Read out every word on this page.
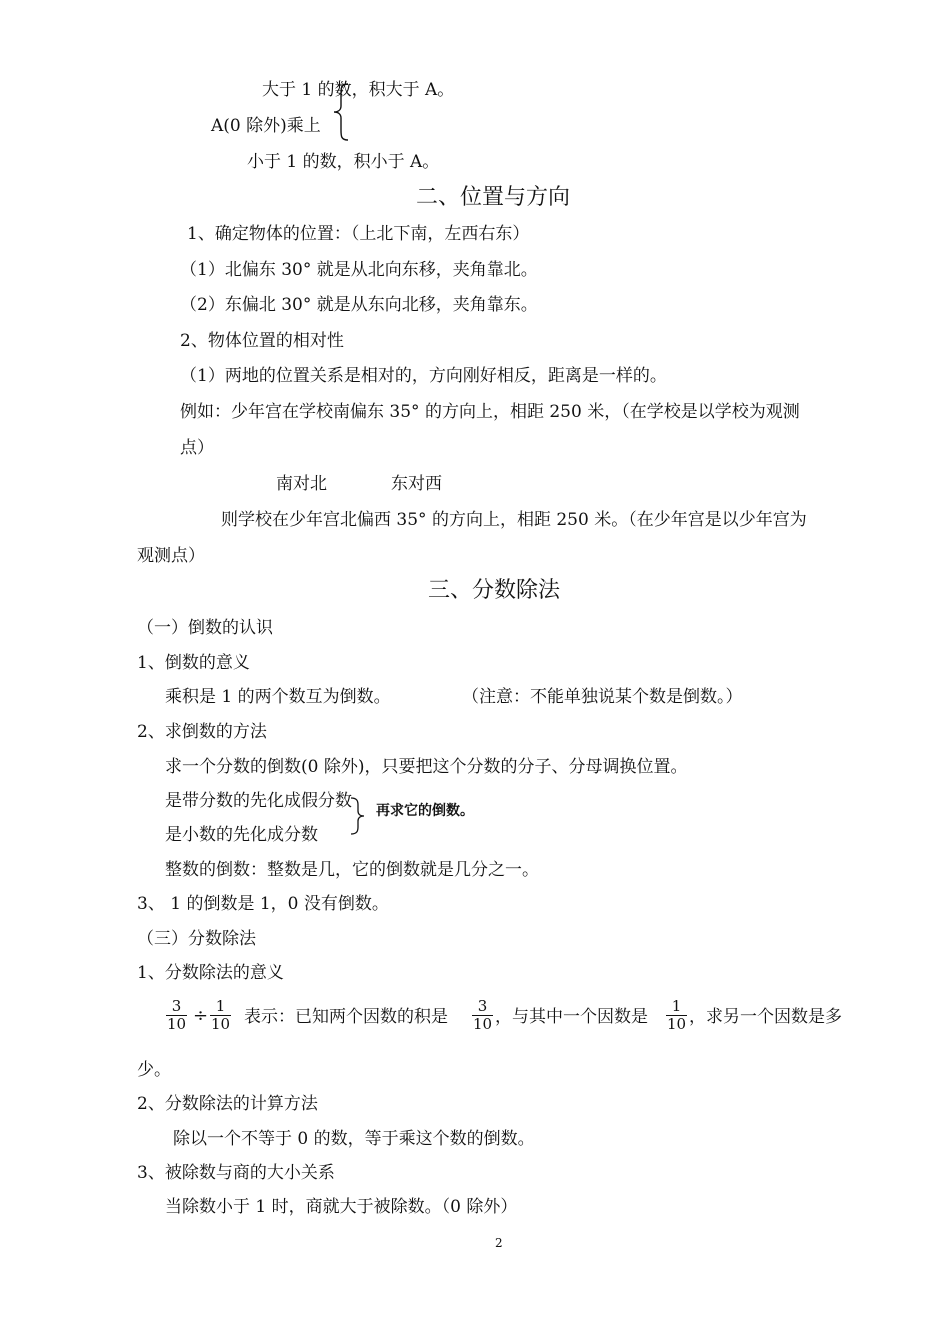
大于 1 的数，积大于 A。
A(0 除外)乘上
小于 1 的数，积小于 A。
二、位置与方向
1、确定物体的位置：（上北下南，左西右东）
（1）北偏东 30° 就是从北向东移，夹角靠北。
（2）东偏北 30° 就是从东向北移，夹角靠东。
2、物体位置的相对性
（1）两地的位置关系是相对的，方向刚好相反，距离是一样的。
例如：少年宫在学校南偏东 35° 的方向上，相距 250 米，（在学校是以学校为观测
点）
南对北	东对西
则学校在少年宫北偏西 35° 的方向上，相距 250 米。（在少年宫是以少年宫为
观测点）
三、分数除法
（一）倒数的认识
1、倒数的意义
乘积是 1 的两个数互为倒数。	（注意：不能单独说某个数是倒数。）
2、求倒数的方法
求一个分数的倒数(0 除外)，只要把这个分数的分子、分母调换位置。
是带分数的先化成假分数
是小数的先化成分数
再求它的倒数。
整数的倒数：整数是几，它的倒数就是几分之一。
3、 1 的倒数是 1，0 没有倒数。
（三）分数除法
1、分数除法的意义
$\frac{3}{10} \div \frac{1}{10}$ 表示：已知两个因数的积是 $\frac{3}{10}$ ，与其中一个因数是 $\frac{1}{10}$ ，求另一个因数是多
少。
2、分数除法的计算方法
除以一个不等于 0 的数，等于乘这个数的倒数。
3、被除数与商的大小关系
当除数小于 1 时，商就大于被除数。（0 除外）
2
